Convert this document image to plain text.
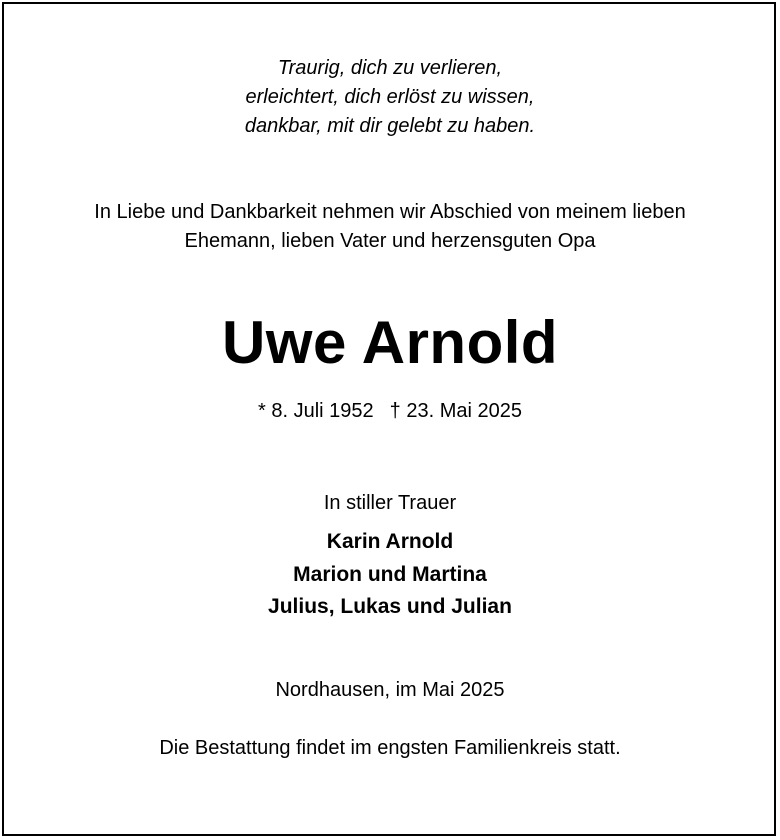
Traurig, dich zu verlieren,
erleichtert, dich erlöst zu wissen,
dankbar, mit dir gelebt zu haben.
In Liebe und Dankbarkeit nehmen wir Abschied von meinem lieben
Ehemann, lieben Vater und herzensguten Opa
Uwe Arnold
* 8. Juli 1952 † 23. Mai 2025
In stiller Trauer
Karin Arnold
Marion und Martina
Julius, Lukas und Julian
Nordhausen, im Mai 2025
Die Bestattung findet im engsten Familienkreis statt.
